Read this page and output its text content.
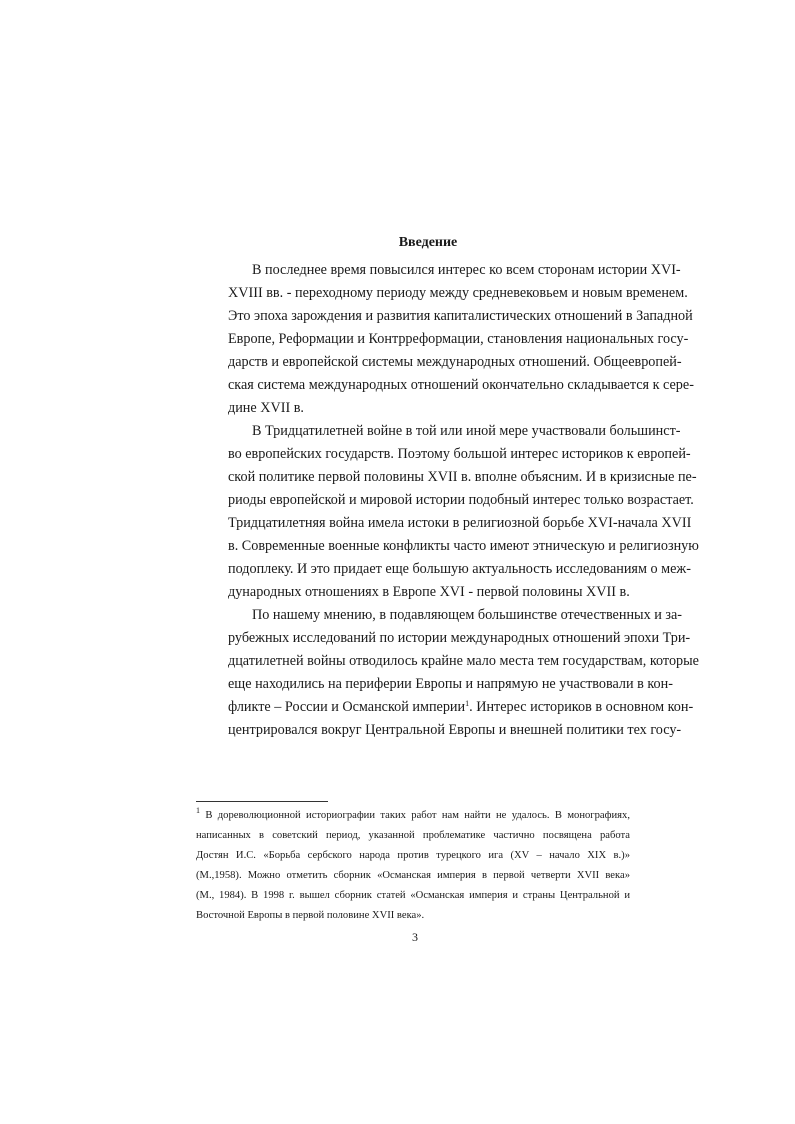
Введение
В последнее время повысился интерес ко всем сторонам истории XVI-
XVIII вв. - переходному периоду между средневековьем и новым временем.
Это эпоха зарождения и развития капиталистических отношений в Западной
Европе, Реформации и Контрреформации, становления национальных госу-
дарств и европейской системы международных отношений. Общеевропей-
ская система международных отношений окончательно складывается к сере-
дине XVII в.
В Тридцатилетней войне в той или иной мере участвовали большинст-
во европейских государств. Поэтому большой интерес историков к европей-
ской политике первой половины XVII в. вполне объясним. И в кризисные пе-
риоды европейской и мировой истории подобный интерес только возрастает.
Тридцатилетняя война имела истоки в религиозной борьбе XVI-начала XVII
в. Современные военные конфликты часто имеют этническую и религиозную
подоплеку. И это придает еще большую актуальность исследованиям о меж-
дународных отношениях в Европе XVI - первой половины XVII в.
По нашему мнению, в подавляющем большинстве отечественных и за-
рубежных исследований по истории международных отношений эпохи Три-
дцатилетней войны отводилось крайне мало места тем государствам, которые
еще находились на периферии Европы и напрямую не участвовали в кон-
фликте – России и Османской империи$^1$. Интерес историков в основном кон-
центрировался вокруг Центральной Европы и внешней политики тех госу-
$^1$ В дореволюционной историографии таких работ нам найти не удалось. В монографиях,
написанных в советский период, указанной проблематике частично посвящена работа
Достян И.С. «Борьба сербского народа против турецкого ига (XV – начало XIX в.)»
(М.,1958). Можно отметить сборник «Османская империя в первой четверти XVII века»
(М., 1984). В 1998 г. вышел сборник статей «Османская империя и страны Центральной и
Восточной Европы в первой половине XVII века».
3
